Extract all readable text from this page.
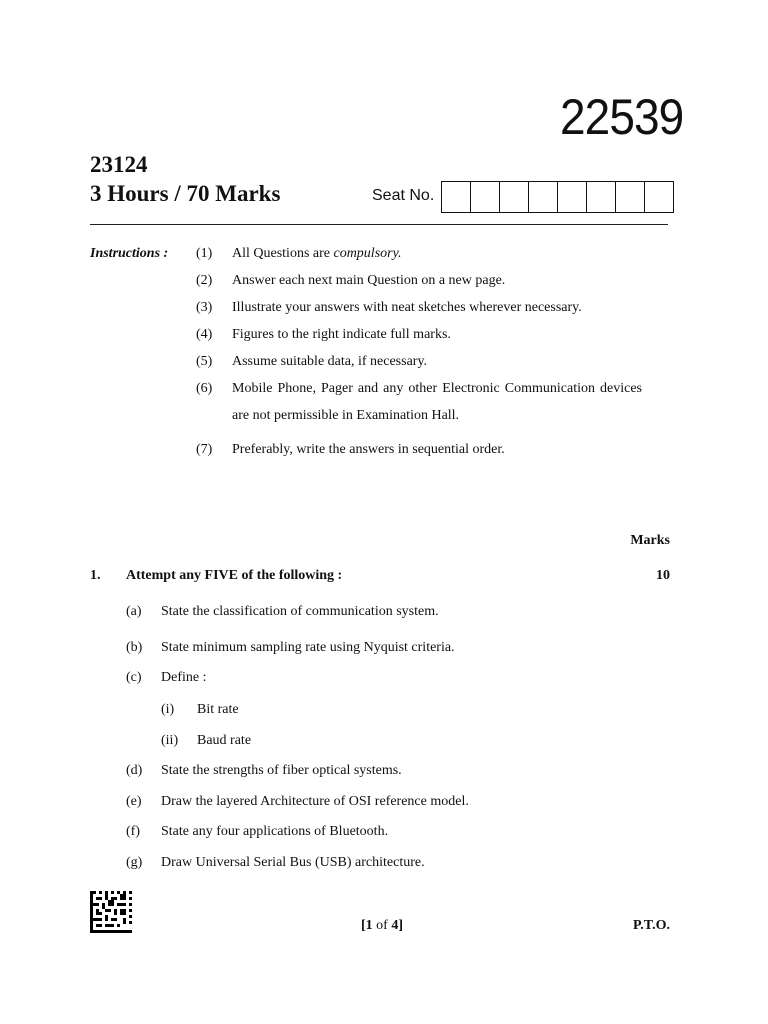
22539
23124
3 Hours / 70 Marks	Seat No.
Instructions : (1) All Questions are compulsory.
(2) Answer each next main Question on a new page.
(3) Illustrate your answers with neat sketches wherever necessary.
(4) Figures to the right indicate full marks.
(5) Assume suitable data, if necessary.
(6) Mobile Phone, Pager and any other Electronic Communication devices are not permissible in Examination Hall.
(7) Preferably, write the answers in sequential order.
Marks
1. Attempt any FIVE of the following :	10
(a) State the classification of communication system.
(b) State minimum sampling rate using Nyquist criteria.
(c) Define :
(i) Bit rate
(ii) Baud rate
(d) State the strengths of fiber optical systems.
(e) Draw the layered Architecture of OSI reference model.
(f) State any four applications of Bluetooth.
(g) Draw Universal Serial Bus (USB) architecture.
[1 of 4]	P.T.O.
